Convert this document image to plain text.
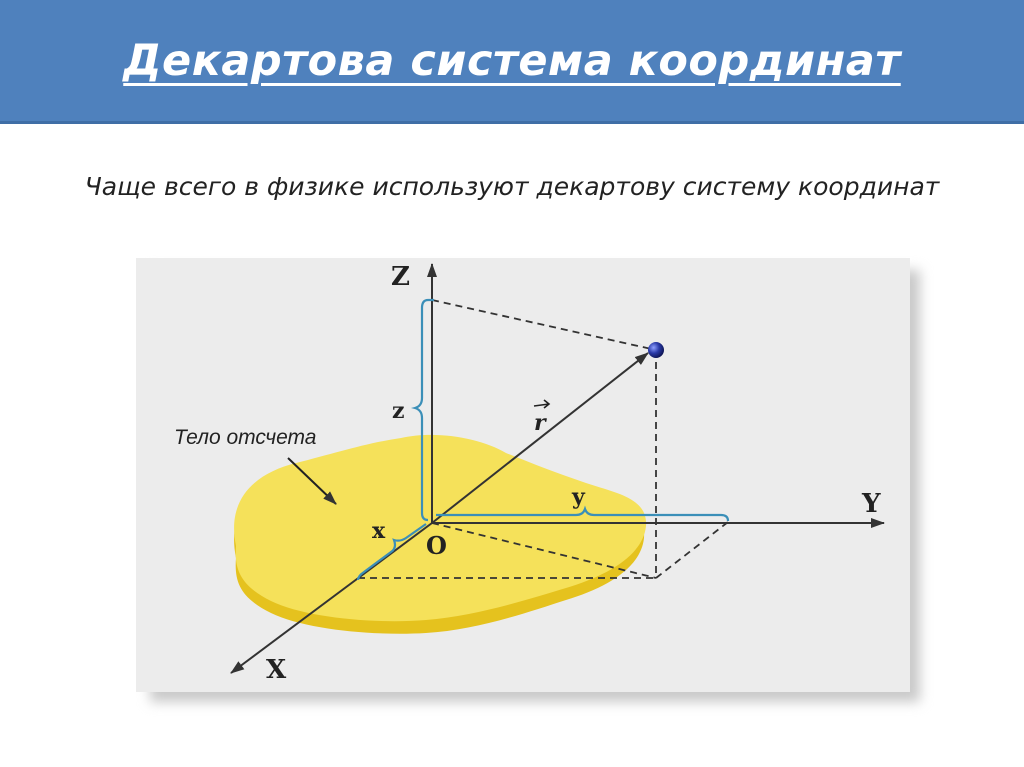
Декартова система координат
Чаще всего в физике используют декартову систему координат
Z
Y
X
O
z
y
x
r
Тело отсчета
